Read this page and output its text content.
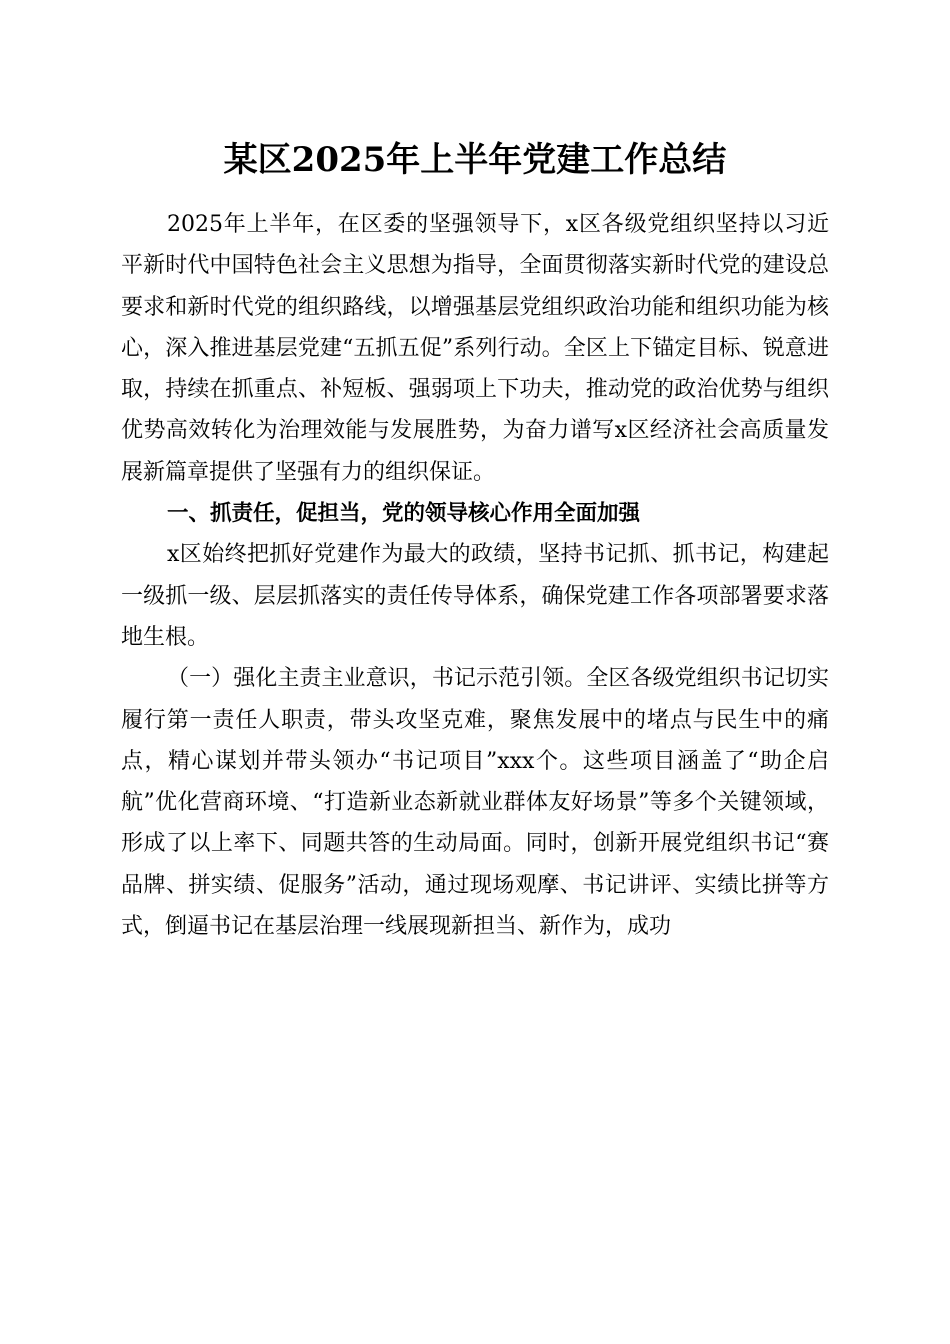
某区2025年上半年党建工作总结

2025年上半年，在区委的坚强领导下，x区各级党组织坚持以习近平新时代中国特色社会主义思想为指导，全面贯彻落实新时代党的建设总要求和新时代党的组织路线，以增强基层党组织政治功能和组织功能为核心，深入推进基层党建“五抓五促”系列行动。全区上下锚定目标、锐意进取，持续在抓重点、补短板、强弱项上下功夫，推动党的政治优势与组织优势高效转化为治理效能与发展胜势，为奋力谱写x区经济社会高质量发展新篇章提供了坚强有力的组织保证。

一、抓责任，促担当，党的领导核心作用全面加强

x区始终把抓好党建作为最大的政绩，坚持书记抓、抓书记，构建起一级抓一级、层层抓落实的责任传导体系，确保党建工作各项部署要求落地生根。

（一）强化主责主业意识，书记示范引领。全区各级党组织书记切实履行第一责任人职责，带头攻坚克难，聚焦发展中的堵点与民生中的痛点，精心谋划并带头领办“书记项目”xxx个。这些项目涵盖了“助企启航”优化营商环境、“打造新业态新就业群体友好场景”等多个关键领域，形成了以上率下、同题共答的生动局面。同时，创新开展党组织书记“赛品牌、拼实绩、促服务”活动，通过现场观摩、书记讲评、实绩比拼等方式，倒逼书记在基层治理一线展现新担当、新作为，成功
